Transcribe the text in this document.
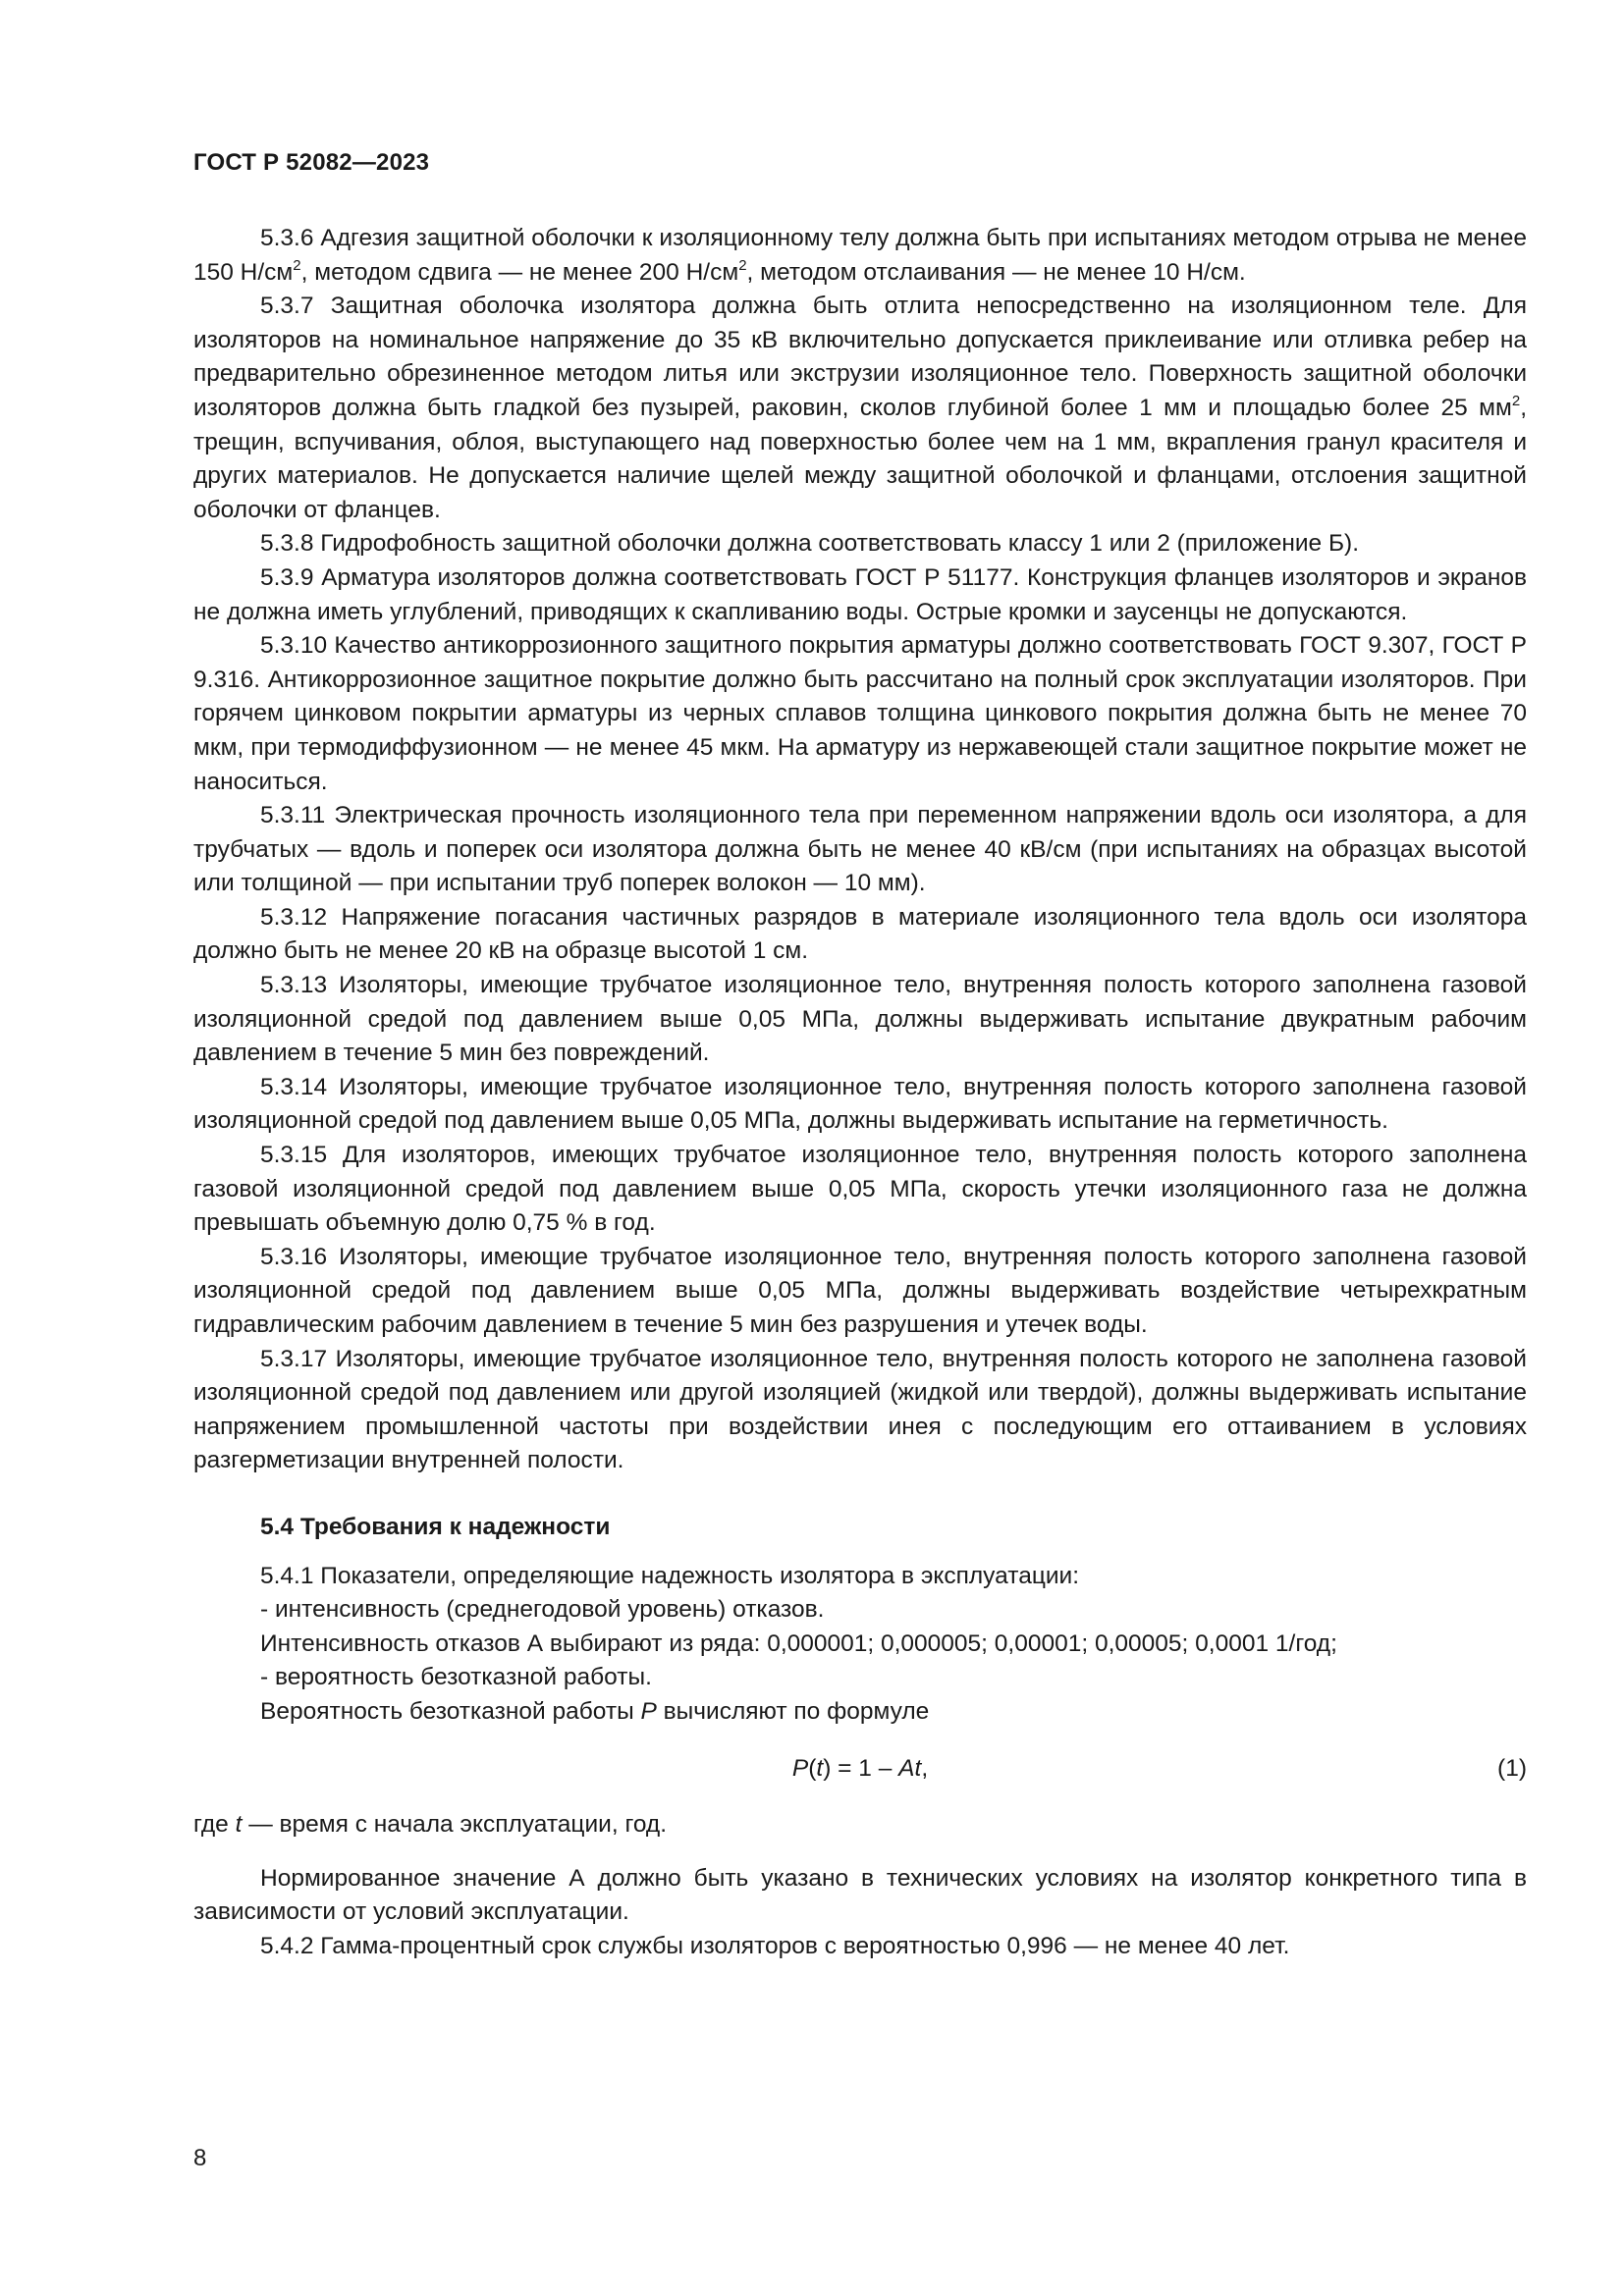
ГОСТ Р 52082—2023

5.3.6 Адгезия защитной оболочки к изоляционному телу должна быть при испытаниях методом отрыва не менее 150 $Н/см^2$, методом сдвига — не менее 200 $Н/см^2$, методом отслаивания — не менее 10 Н/см.

5.3.7 Защитная оболочка изолятора должна быть отлита непосредственно на изоляционном теле. Для изоляторов на номинальное напряжение до 35 кВ включительно допускается приклеивание или отливка ребер на предварительно обрезиненное методом литья или экструзии изоляционное тело. Поверхность защитной оболочки изоляторов должна быть гладкой без пузырей, раковин, сколов глубиной более 1 мм и площадью более 25 $мм^2$, трещин, вспучивания, облоя, выступающего над поверхностью более чем на 1 мм, вкрапления гранул красителя и других материалов. Не допускается наличие щелей между защитной оболочкой и фланцами, отслоения защитной оболочки от фланцев.

5.3.8 Гидрофобность защитной оболочки должна соответствовать классу 1 или 2 (приложение Б).

5.3.9 Арматура изоляторов должна соответствовать ГОСТ Р 51177. Конструкция фланцев изоляторов и экранов не должна иметь углублений, приводящих к скапливанию воды. Острые кромки и заусенцы не допускаются.

5.3.10 Качество антикоррозионного защитного покрытия арматуры должно соответствовать ГОСТ 9.307, ГОСТ Р 9.316. Антикоррозионное защитное покрытие должно быть рассчитано на полный срок эксплуатации изоляторов. При горячем цинковом покрытии арматуры из черных сплавов толщина цинкового покрытия должна быть не менее 70 мкм, при термодиффузионном — не менее 45 мкм. На арматуру из нержавеющей стали защитное покрытие может не наноситься.

5.3.11 Электрическая прочность изоляционного тела при переменном напряжении вдоль оси изолятора, а для трубчатых — вдоль и поперек оси изолятора должна быть не менее 40 кВ/см (при испытаниях на образцах высотой или толщиной — при испытании труб поперек волокон — 10 мм).

5.3.12 Напряжение погасания частичных разрядов в материале изоляционного тела вдоль оси изолятора должно быть не менее 20 кВ на образце высотой 1 см.

5.3.13 Изоляторы, имеющие трубчатое изоляционное тело, внутренняя полость которого заполнена газовой изоляционной средой под давлением выше 0,05 МПа, должны выдерживать испытание двукратным рабочим давлением в течение 5 мин без повреждений.

5.3.14 Изоляторы, имеющие трубчатое изоляционное тело, внутренняя полость которого заполнена газовой изоляционной средой под давлением выше 0,05 МПа, должны выдерживать испытание на герметичность.

5.3.15 Для изоляторов, имеющих трубчатое изоляционное тело, внутренняя полость которого заполнена газовой изоляционной средой под давлением выше 0,05 МПа, скорость утечки изоляционного газа не должна превышать объемную долю 0,75 % в год.

5.3.16 Изоляторы, имеющие трубчатое изоляционное тело, внутренняя полость которого заполнена газовой изоляционной средой под давлением выше 0,05 МПа, должны выдерживать воздействие четырехкратным гидравлическим рабочим давлением в течение 5 мин без разрушения и утечек воды.

5.3.17 Изоляторы, имеющие трубчатое изоляционное тело, внутренняя полость которого не заполнена газовой изоляционной средой под давлением или другой изоляцией (жидкой или твердой), должны выдерживать испытание напряжением промышленной частоты при воздействии инея с последующим его оттаиванием в условиях разгерметизации внутренней полости.

5.4 Требования к надежности

5.4.1 Показатели, определяющие надежность изолятора в эксплуатации:

- интенсивность (среднегодовой уровень) отказов.

Интенсивность отказов А выбирают из ряда: 0,000001; 0,000005; 0,00001; 0,00005; 0,0001 1/год;

- вероятность безотказной работы.

Вероятность безотказной работы P вычисляют по формуле

P(t) = 1 – At,	(1)

где t — время с начала эксплуатации, год.

Нормированное значение А должно быть указано в технических условиях на изолятор конкретного типа в зависимости от условий эксплуатации.

5.4.2 Гамма-процентный срок службы изоляторов с вероятностью 0,996 — не менее 40 лет.

8
